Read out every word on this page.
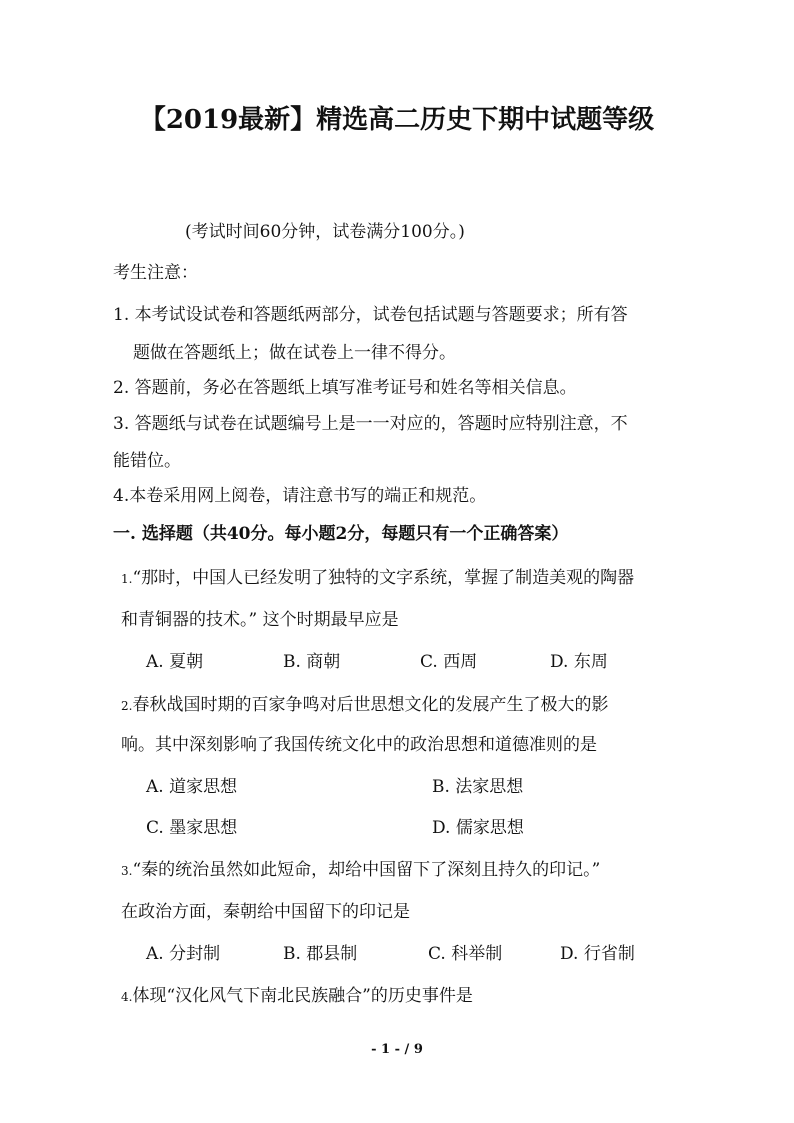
【2019最新】精选高二历史下期中试题等级
(考试时间60分钟，试卷满分100分。)
考生注意：
1. 本考试设试卷和答题纸两部分，试卷包括试题与答题要求；所有答
题做在答题纸上；做在试卷上一律不得分。
2. 答题前，务必在答题纸上填写准考证号和姓名等相关信息。
3. 答题纸与试卷在试题编号上是一一对应的，答题时应特别注意，不
能错位。
4.本卷采用网上阅卷，请注意书写的端正和规范。
一. 选择题（共40分。每小题2分，每题只有一个正确答案）
1.“那时，中国人已经发明了独特的文字系统，掌握了制造美观的陶器
和青铜器的技术。” 这个时期最早应是
A. 夏朝	B. 商朝	C. 西周	D. 东周
2.春秋战国时期的百家争鸣对后世思想文化的发展产生了极大的影
响。其中深刻影响了我国传统文化中的政治思想和道德准则的是
A. 道家思想	B. 法家思想
C. 墨家思想	D. 儒家思想
3.“秦的统治虽然如此短命，却给中国留下了深刻且持久的印记。”
在政治方面，秦朝给中国留下的印记是
A. 分封制	B. 郡县制	C. 科举制	D. 行省制
4.体现“汉化风气下南北民族融合”的历史事件是
- 1 - / 9
